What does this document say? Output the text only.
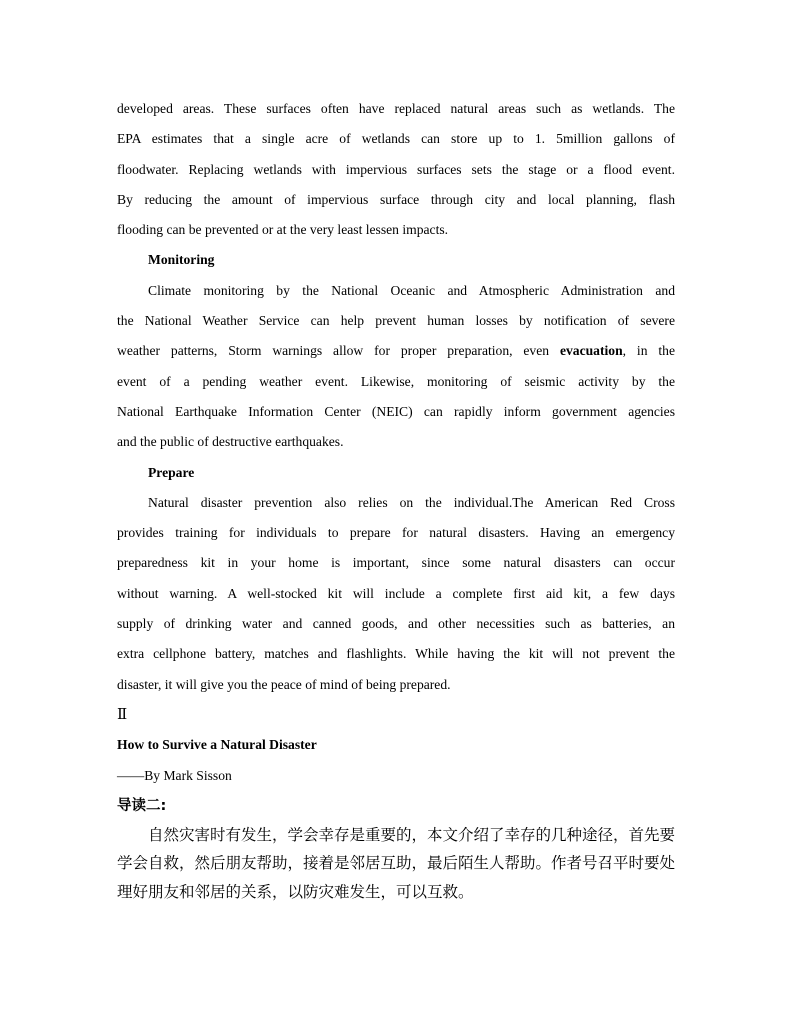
developed areas. These surfaces often have replaced natural areas such as wetlands. The
EPA estimates that a single acre of wetlands can store up to 1. 5million gallons of
floodwater. Replacing wetlands with impervious surfaces sets the stage or a flood event.
By reducing the amount of impervious surface through city and local planning, flash
flooding can be prevented or at the very least lessen impacts.

Monitoring

Climate monitoring by the National Oceanic and Atmospheric Administration and
the National Weather Service can help prevent human losses by notification of severe
weather patterns, Storm warnings allow for proper preparation, even evacuation, in the
event of a pending weather event. Likewise, monitoring of seismic activity by the
National Earthquake Information Center (NEIC) can rapidly inform government agencies
and the public of destructive earthquakes.

Prepare

Natural disaster prevention also relies on the individual.The American Red Cross
provides training for individuals to prepare for natural disasters. Having an emergency
preparedness kit in your home is important, since some natural disasters can occur
without warning. A well-stocked kit will include a complete first aid kit, a few days
supply of drinking water and canned goods, and other necessities such as batteries, an
extra cellphone battery, matches and flashlights. While having the kit will not prevent the
disaster, it will give you the peace of mind of being prepared.

Ⅱ

How to Survive a Natural Disaster

——By Mark Sisson

导读二:

自然灾害时有发生，学会幸存是重要的，本文介绍了幸存的几种途径，首先要
学会自救，然后朋友帮助，接着是邻居互助，最后陌生人帮助。作者号召平时要处
理好朋友和邻居的关系，以防灾难发生，可以互救。
